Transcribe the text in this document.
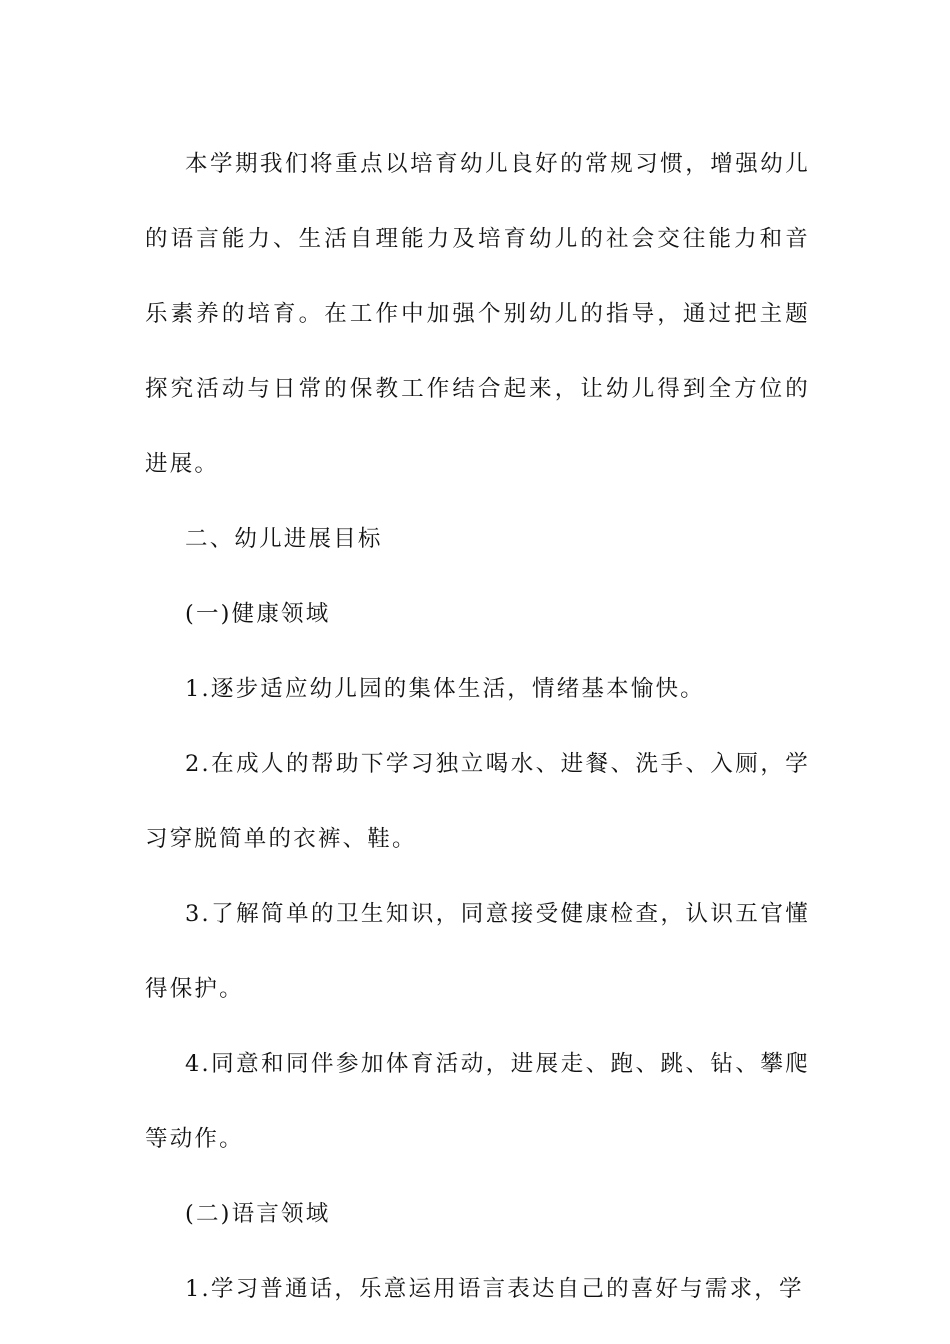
本学期我们将重点以培育幼儿良好的常规习惯，增强幼儿的语言能力、生活自理能力及培育幼儿的社会交往能力和音乐素养的培育。在工作中加强个别幼儿的指导，通过把主题探究活动与日常的保教工作结合起来，让幼儿得到全方位的进展。

二、幼儿进展目标

(一)健康领域

1.逐步适应幼儿园的集体生活，情绪基本愉快。

2.在成人的帮助下学习独立喝水、进餐、洗手、入厕，学习穿脱简单的衣裤、鞋。

3.了解简单的卫生知识，同意接受健康检查，认识五官懂得保护。

4.同意和同伴参加体育活动，进展走、跑、跳、钻、攀爬等动作。

(二)语言领域

1.学习普通话，乐意运用语言表达自己的喜好与需求，学
